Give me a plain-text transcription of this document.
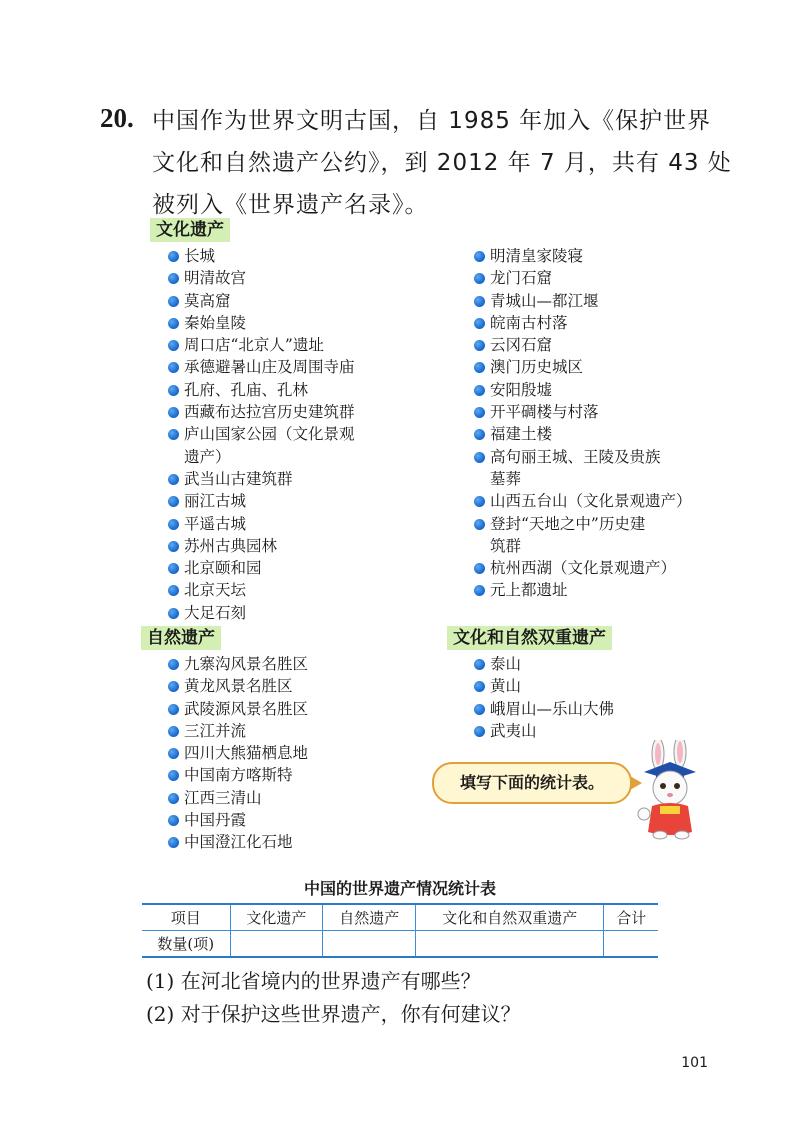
20. 中国作为世界文明古国，自 1985 年加入《保护世界
文化和自然遗产公约》，到 2012 年 7 月，共有 43 处
被列入《世界遗产名录》。
文化遗产
长城
明清故宫
莫高窟
秦始皇陵
周口店“北京人”遗址
承德避暑山庄及周围寺庙
孔府、孔庙、孔林
西藏布达拉宫历史建筑群
庐山国家公园（文化景观
遗产）
武当山古建筑群
丽江古城
平遥古城
苏州古典园林
北京颐和园
北京天坛
大足石刻
明清皇家陵寝
龙门石窟
青城山—都江堰
皖南古村落
云冈石窟
澳门历史城区
安阳殷墟
开平碉楼与村落
福建土楼
高句丽王城、王陵及贵族
墓葬
山西五台山（文化景观遗产）
登封“天地之中”历史建
筑群
杭州西湖（文化景观遗产）
元上都遗址
自然遗产
九寨沟风景名胜区
黄龙风景名胜区
武陵源风景名胜区
三江并流
四川大熊猫栖息地
中国南方喀斯特
江西三清山
中国丹霞
中国澄江化石地
文化和自然双重遗产
泰山
黄山
峨眉山—乐山大佛
武夷山
填写下面的统计表。
中国的世界遗产情况统计表
项目	文化遗产	自然遗产	文化和自然双重遗产	合计
数量(项)				
(1) 在河北省境内的世界遗产有哪些？
(2) 对于保护这些世界遗产，你有何建议？
101
